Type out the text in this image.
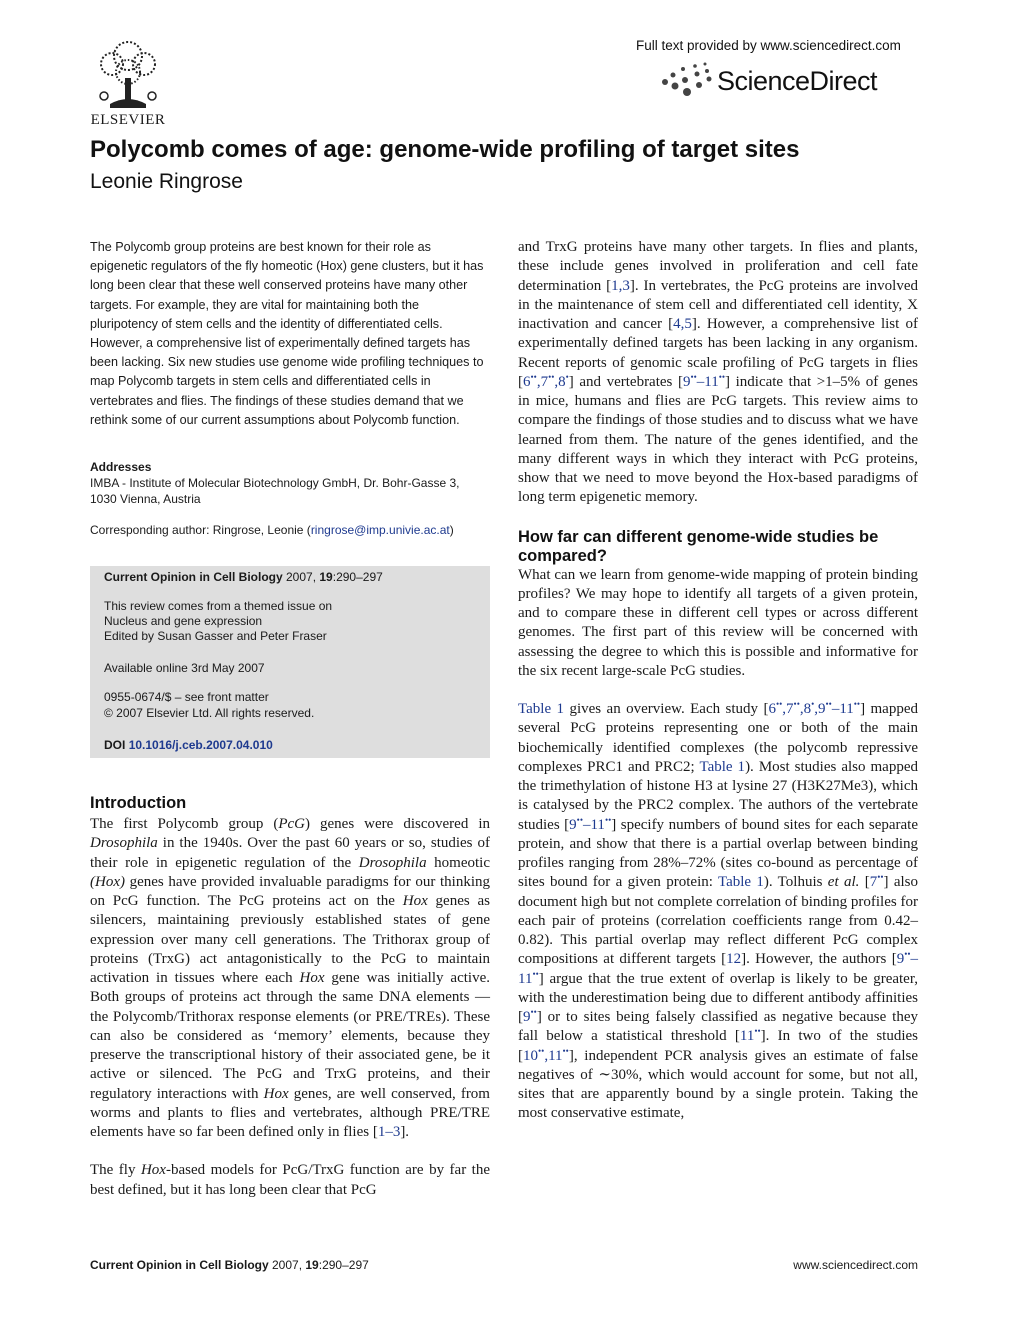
ELSEVIER
Full text provided by www.sciencedirect.com
ScienceDirect
Polycomb comes of age: genome-wide profiling of target sites
Leonie Ringrose
The Polycomb group proteins are best known for their role as epigenetic regulators of the fly homeotic (Hox) gene clusters, but it has long been clear that these well conserved proteins have many other targets. For example, they are vital for maintaining both the pluripotency of stem cells and the identity of differentiated cells. However, a comprehensive list of experimentally defined targets has been lacking. Six new studies use genome wide profiling techniques to map Polycomb targets in stem cells and differentiated cells in vertebrates and flies. The findings of these studies demand that we rethink some of our current assumptions about Polycomb function.
Addresses
IMBA - Institute of Molecular Biotechnology GmbH, Dr. Bohr-Gasse 3,
1030 Vienna, Austria
Corresponding author: Ringrose, Leonie (ringrose@imp.univie.ac.at)
Current Opinion in Cell Biology 2007, 19:290–297
This review comes from a themed issue on
Nucleus and gene expression
Edited by Susan Gasser and Peter Fraser
Available online 3rd May 2007
0955-0674/$ – see front matter
© 2007 Elsevier Ltd. All rights reserved.
DOI 10.1016/j.ceb.2007.04.010
Introduction

The first Polycomb group (PcG) genes were discovered in Drosophila in the 1940s. Over the past 60 years or so, studies of their role in epigenetic regulation of the Drosophila homeotic (Hox) genes have provided invaluable paradigms for our thinking on PcG function. The PcG proteins act on the Hox genes as silencers, maintaining previously established states of gene expression over many cell generations. The Trithorax group of proteins (TrxG) act antagonistically to the PcG to maintain activation in tissues where each Hox gene was initially active. Both groups of proteins act through the same DNA elements — the Polycomb/Trithorax response elements (or PRE/TREs). These can also be considered as ‘memory’ elements, because they preserve the transcriptional history of their associated gene, be it active or silenced. The PcG and TrxG proteins, and their regulatory interactions with Hox genes, are well conserved, from worms and plants to flies and vertebrates, although PRE/TRE elements have so far been defined only in flies [1–3].

The fly Hox-based models for PcG/TrxG function are by far the best defined, but it has long been clear that PcG

and TrxG proteins have many other targets. In flies and plants, these include genes involved in proliferation and cell fate determination [1,3]. In vertebrates, the PcG proteins are involved in the maintenance of stem cell and differentiated cell identity, X inactivation and cancer [4,5]. However, a comprehensive list of experimentally defined targets has been lacking in any organism. Recent reports of genomic scale profiling of PcG targets in flies [6••,7••,8•] and vertebrates [9••–11••] indicate that >1–5% of genes in mice, humans and flies are PcG targets. This review aims to compare the findings of those studies and to discuss what we have learned from them. The nature of the genes identified, and the many different ways in which they interact with PcG proteins, show that we need to move beyond the Hox-based paradigms of long term epigenetic memory.

How far can different genome-wide studies be compared?

What can we learn from genome-wide mapping of protein binding profiles? We may hope to identify all targets of a given protein, and to compare these in different cell types or across different genomes. The first part of this review will be concerned with assessing the degree to which this is possible and informative for the six recent large-scale PcG studies.

Table 1 gives an overview. Each study [6••,7••,8•,9••–11••] mapped several PcG proteins representing one or both of the main biochemically identified complexes (the polycomb repressive complexes PRC1 and PRC2; Table 1). Most studies also mapped the trimethylation of histone H3 at lysine 27 (H3K27Me3), which is catalysed by the PRC2 complex. The authors of the vertebrate studies [9••–11••] specify numbers of bound sites for each separate protein, and show that there is a partial overlap between binding profiles ranging from 28%–72% (sites co-bound as percentage of sites bound for a given protein: Table 1). Tolhuis et al. [7••] also document high but not complete correlation of binding profiles for each pair of proteins (correlation coefficients range from 0.42–0.82). This partial overlap may reflect different PcG complex compositions at different targets [12]. However, the authors [9••–11••] argue that the true extent of overlap is likely to be greater, with the underestimation being due to different antibody affinities [9••] or to sites being falsely classified as negative because they fall below a statistical threshold [11••]. In two of the studies [10••,11••], independent PCR analysis gives an estimate of false negatives of ∼30%, which would account for some, but not all, sites that are apparently bound by a single protein. Taking the most conservative estimate,

Current Opinion in Cell Biology 2007, 19:290–297	www.sciencedirect.com
